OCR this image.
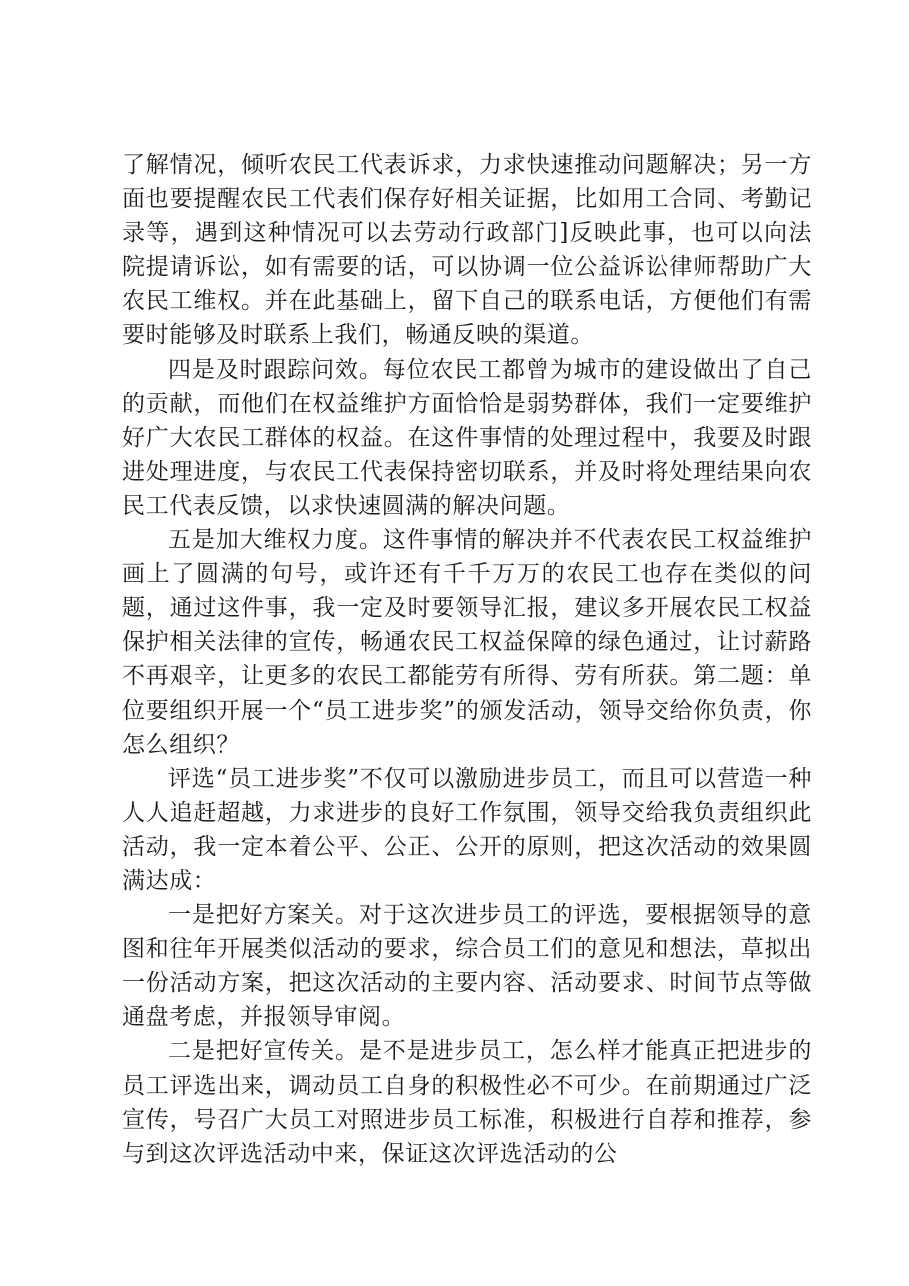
了解情况，倾听农民工代表诉求，力求快速推动问题解决；另一方面也要提醒农民工代表们保存好相关证据，比如用工合同、考勤记录等，遇到这种情况可以去劳动行政部门]反映此事，也可以向法院提请诉讼，如有需要的话，可以协调一位公益诉讼律师帮助广大农民工维权。并在此基础上，留下自己的联系电话，方便他们有需要时能够及时联系上我们，畅通反映的渠道。

四是及时跟踪问效。每位农民工都曾为城市的建设做出了自己的贡献，而他们在权益维护方面恰恰是弱势群体，我们一定要维护好广大农民工群体的权益。在这件事情的处理过程中，我要及时跟进处理进度，与农民工代表保持密切联系，并及时将处理结果向农民工代表反馈，以求快速圆满的解决问题。

五是加大维权力度。这件事情的解决并不代表农民工权益维护画上了圆满的句号，或许还有千千万万的农民工也存在类似的问题，通过这件事，我一定及时要领导汇报，建议多开展农民工权益保护相关法律的宣传，畅通农民工权益保障的绿色通过，让讨薪路不再艰辛，让更多的农民工都能劳有所得、劳有所获。第二题：单位要组织开展一个“员工进步奖”的颁发活动，领导交给你负责，你怎么组织？

评选“员工进步奖”不仅可以激励进步员工，而且可以营造一种人人追赶超越，力求进步的良好工作氛围，领导交给我负责组织此活动，我一定本着公平、公正、公开的原则，把这次活动的效果圆满达成：

一是把好方案关。对于这次进步员工的评选，要根据领导的意图和往年开展类似活动的要求，综合员工们的意见和想法，草拟出一份活动方案，把这次活动的主要内容、活动要求、时间节点等做通盘考虑，并报领导审阅。

二是把好宣传关。是不是进步员工，怎么样才能真正把进步的员工评选出来，调动员工自身的积极性必不可少。在前期通过广泛宣传，号召广大员工对照进步员工标准，积极进行自荐和推荐，参与到这次评选活动中来，保证这次评选活动的公
